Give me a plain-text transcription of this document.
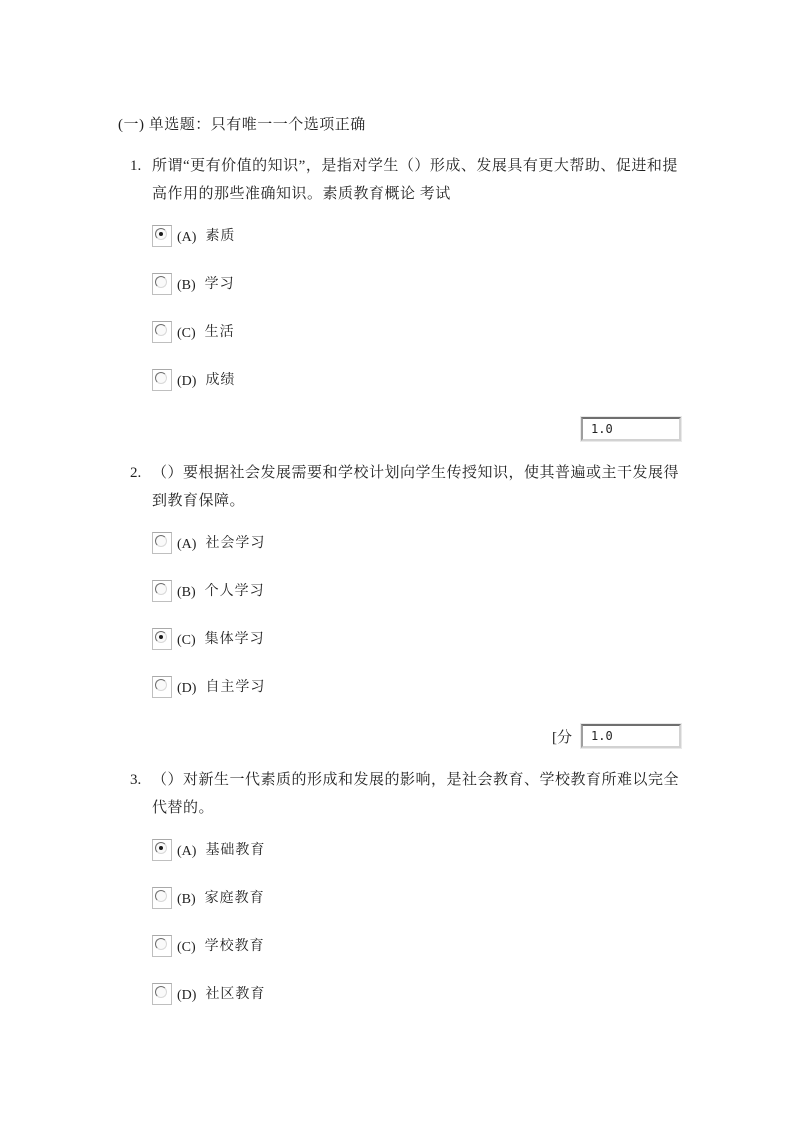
(一) 单选题：只有唯一一个选项正确
1. 所谓“更有价值的知识”，是指对学生（）形成、发展具有更大帮助、促进和提高作用的那些准确知识。素质教育概论 考试
(A) 素质
(B) 学习
(C) 生活
(D) 成绩
1.0
2. （）要根据社会发展需要和学校计划向学生传授知识，使其普遍或主干发展得到教育保障。
(A) 社会学习
(B) 个人学习
(C) 集体学习
(D) 自主学习
[分
1.0
3. （）对新生一代素质的形成和发展的影响，是社会教育、学校教育所难以完全代替的。
(A) 基础教育
(B) 家庭教育
(C) 学校教育
(D) 社区教育
